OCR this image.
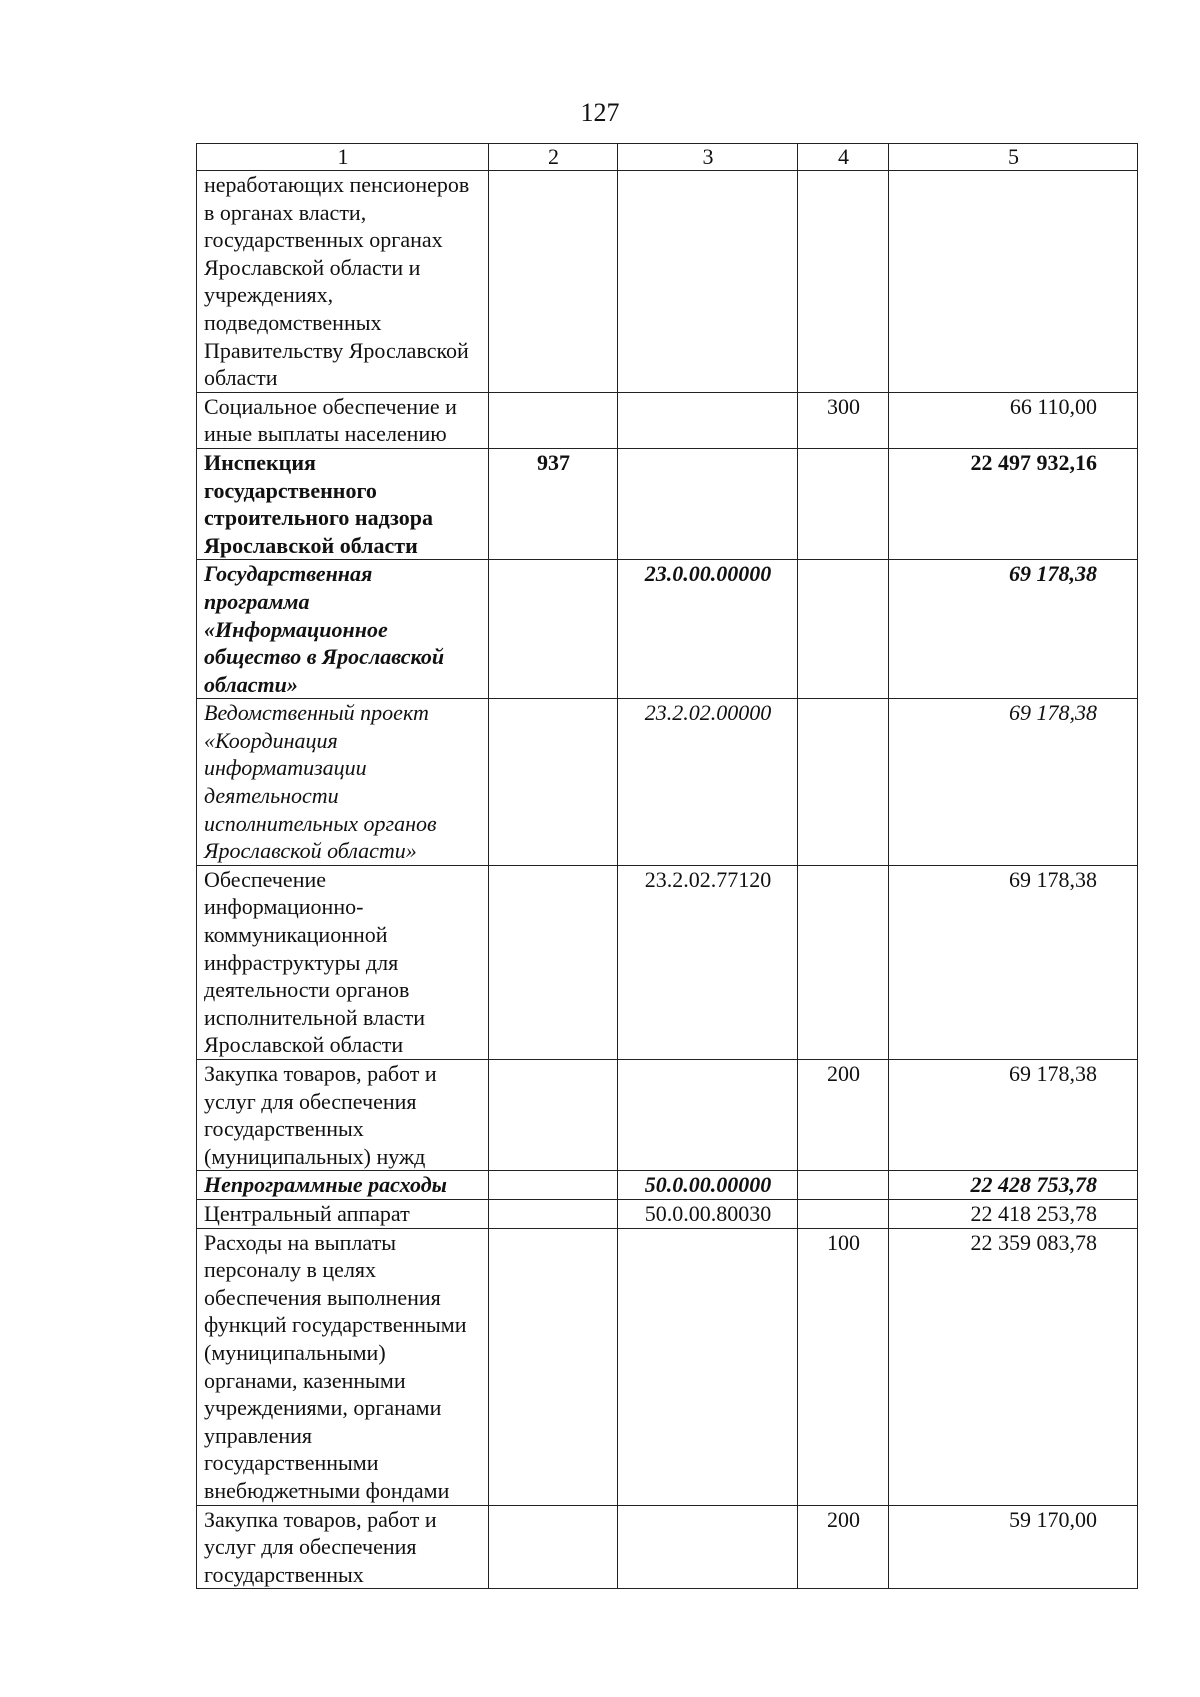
127
1	2	3	4	5
неработающих пенсионеров в органах власти, государственных органах Ярославской области и учреждениях, подведомственных Правительству Ярославской области				
Социальное обеспечение и иные выплаты населению			300	66 110,00
Инспекция государственного строительного надзора Ярославской области	937			22 497 932,16
Государственная программа «Информационное общество в Ярославской области»		23.0.00.00000		69 178,38
Ведомственный проект «Координация информатизации деятельности исполнительных органов Ярославской области»		23.2.02.00000		69 178,38
Обеспечение информационно-коммуникационной инфраструктуры для деятельности органов исполнительной власти Ярославской области		23.2.02.77120		69 178,38
Закупка товаров, работ и услуг для обеспечения государственных (муниципальных) нужд			200	69 178,38
Непрограммные расходы		50.0.00.00000		22 428 753,78
Центральный аппарат		50.0.00.80030		22 418 253,78
Расходы на выплаты персоналу в целях обеспечения выполнения функций государственными (муниципальными) органами, казенными учреждениями, органами управления государственными внебюджетными фондами			100	22 359 083,78
Закупка товаров, работ и услуг для обеспечения государственных			200	59 170,00
